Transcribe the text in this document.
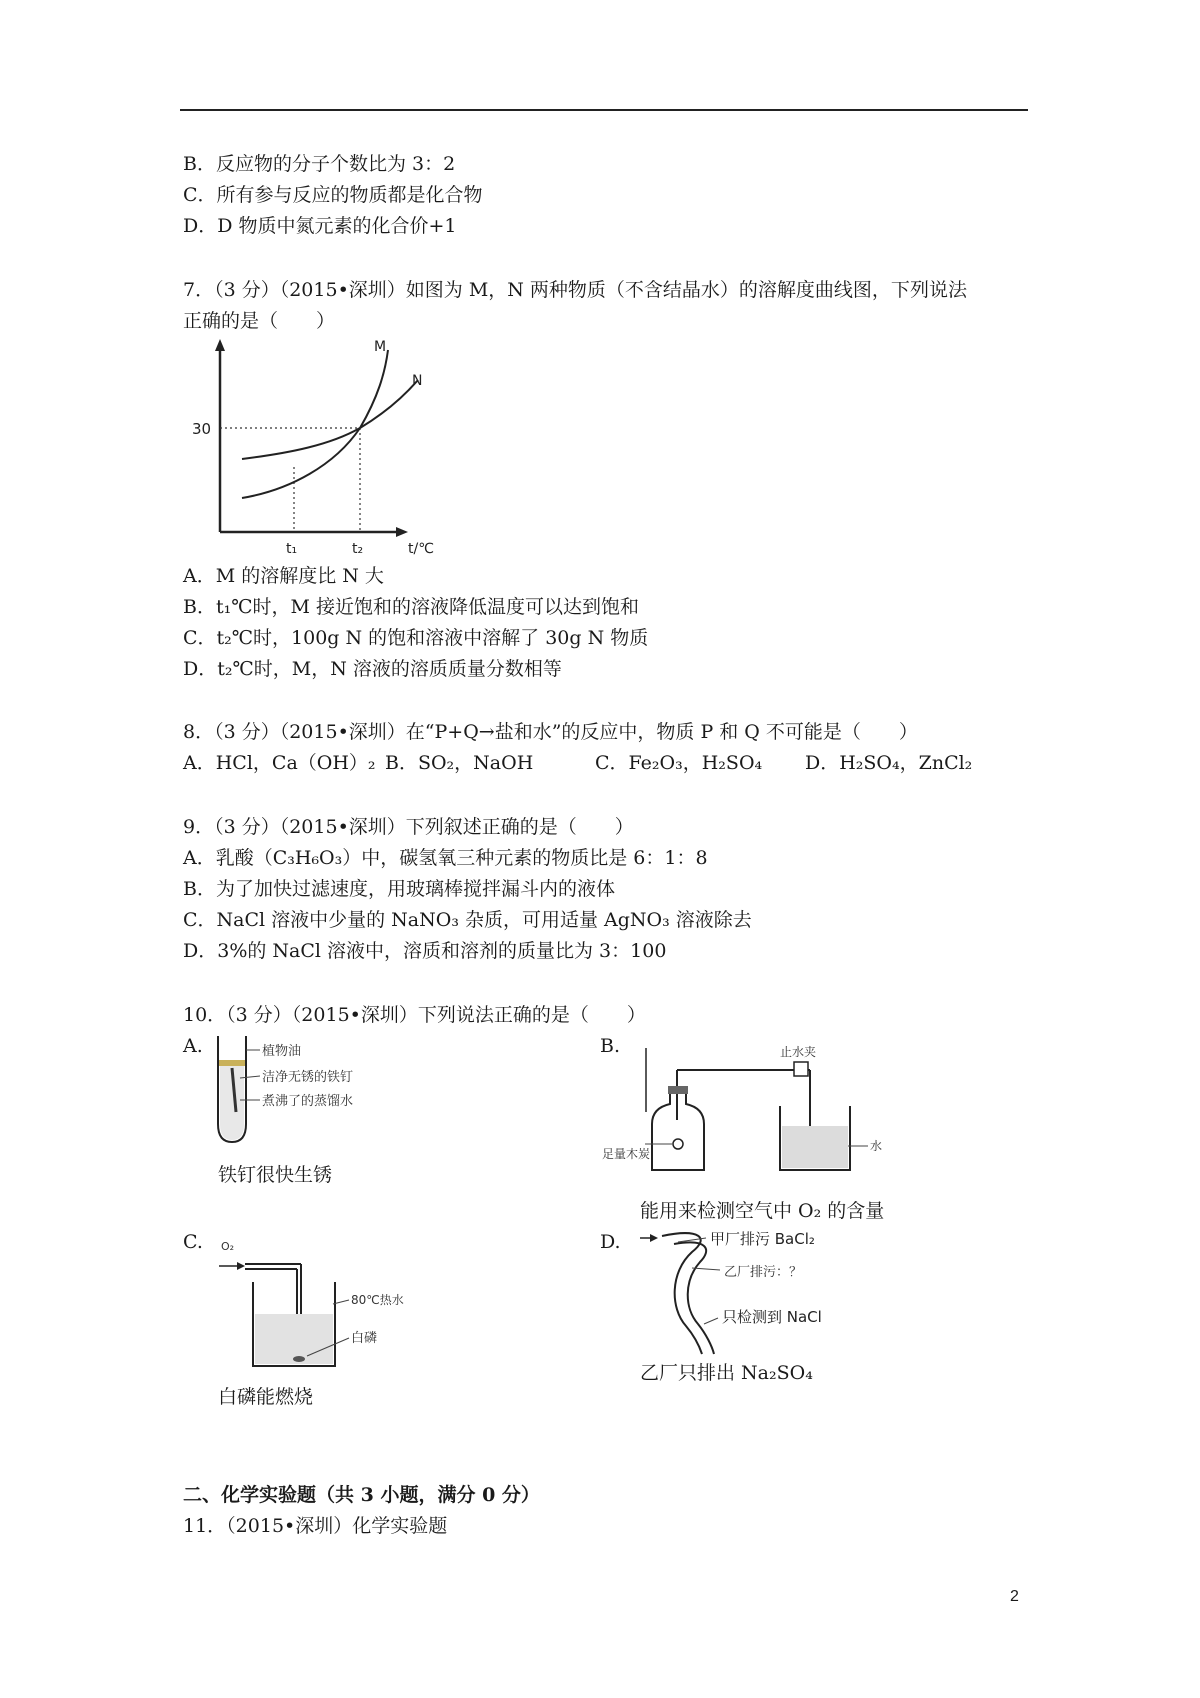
B．反应物的分子个数比为 3：2
C．所有参与反应的物质都是化合物
D．D 物质中氮元素的化合价+1
7．（3 分）（2015•深圳）如图为 M，N 两种物质（不含结晶水）的溶解度曲线图，下列说法
正确的是（　　）
30
M
N
t₁	t₂	t/℃
A．M 的溶解度比 N 大
B．t₁℃时，M 接近饱和的溶液降低温度可以达到饱和
C．t₂℃时，100g N 的饱和溶液中溶解了 30g N 物质
D．t₂℃时，M，N 溶液的溶质质量分数相等
8．（3 分）（2015•深圳）在“P+Q→盐和水”的反应中，物质 P 和 Q 不可能是（　　）
A．HCl，Ca（OH）₂ B．SO₂，NaOH	C．Fe₂O₃，H₂SO₄ D．H₂SO₄，ZnCl₂
9．（3 分）（2015•深圳）下列叙述正确的是（　　）
A．乳酸（C₃H₆O₃）中，碳氢氧三种元素的物质比是 6：1：8
B．为了加快过滤速度，用玻璃棒搅拌漏斗内的液体
C．NaCl 溶液中少量的 NaNO₃ 杂质，可用适量 AgNO₃ 溶液除去
D．3%的 NaCl 溶液中，溶质和溶剂的质量比为 3：100
10．（3 分）（2015•深圳）下列说法正确的是（　　）
A.	植物油
洁净无锈的铁钉
煮沸了的蒸馏水
铁钉很快生锈
B.	止水夹
足量木炭
水
能用来检测空气中 O₂ 的含量
C. O₂
80℃热水
白磷
白磷能燃烧
D.	甲厂排污 BaCl₂
乙厂排污：？
只检测到 NaCl
乙厂只排出 Na₂SO₄
二、化学实验题（共 3 小题，满分 0 分）
11．（2015•深圳）化学实验题
2
